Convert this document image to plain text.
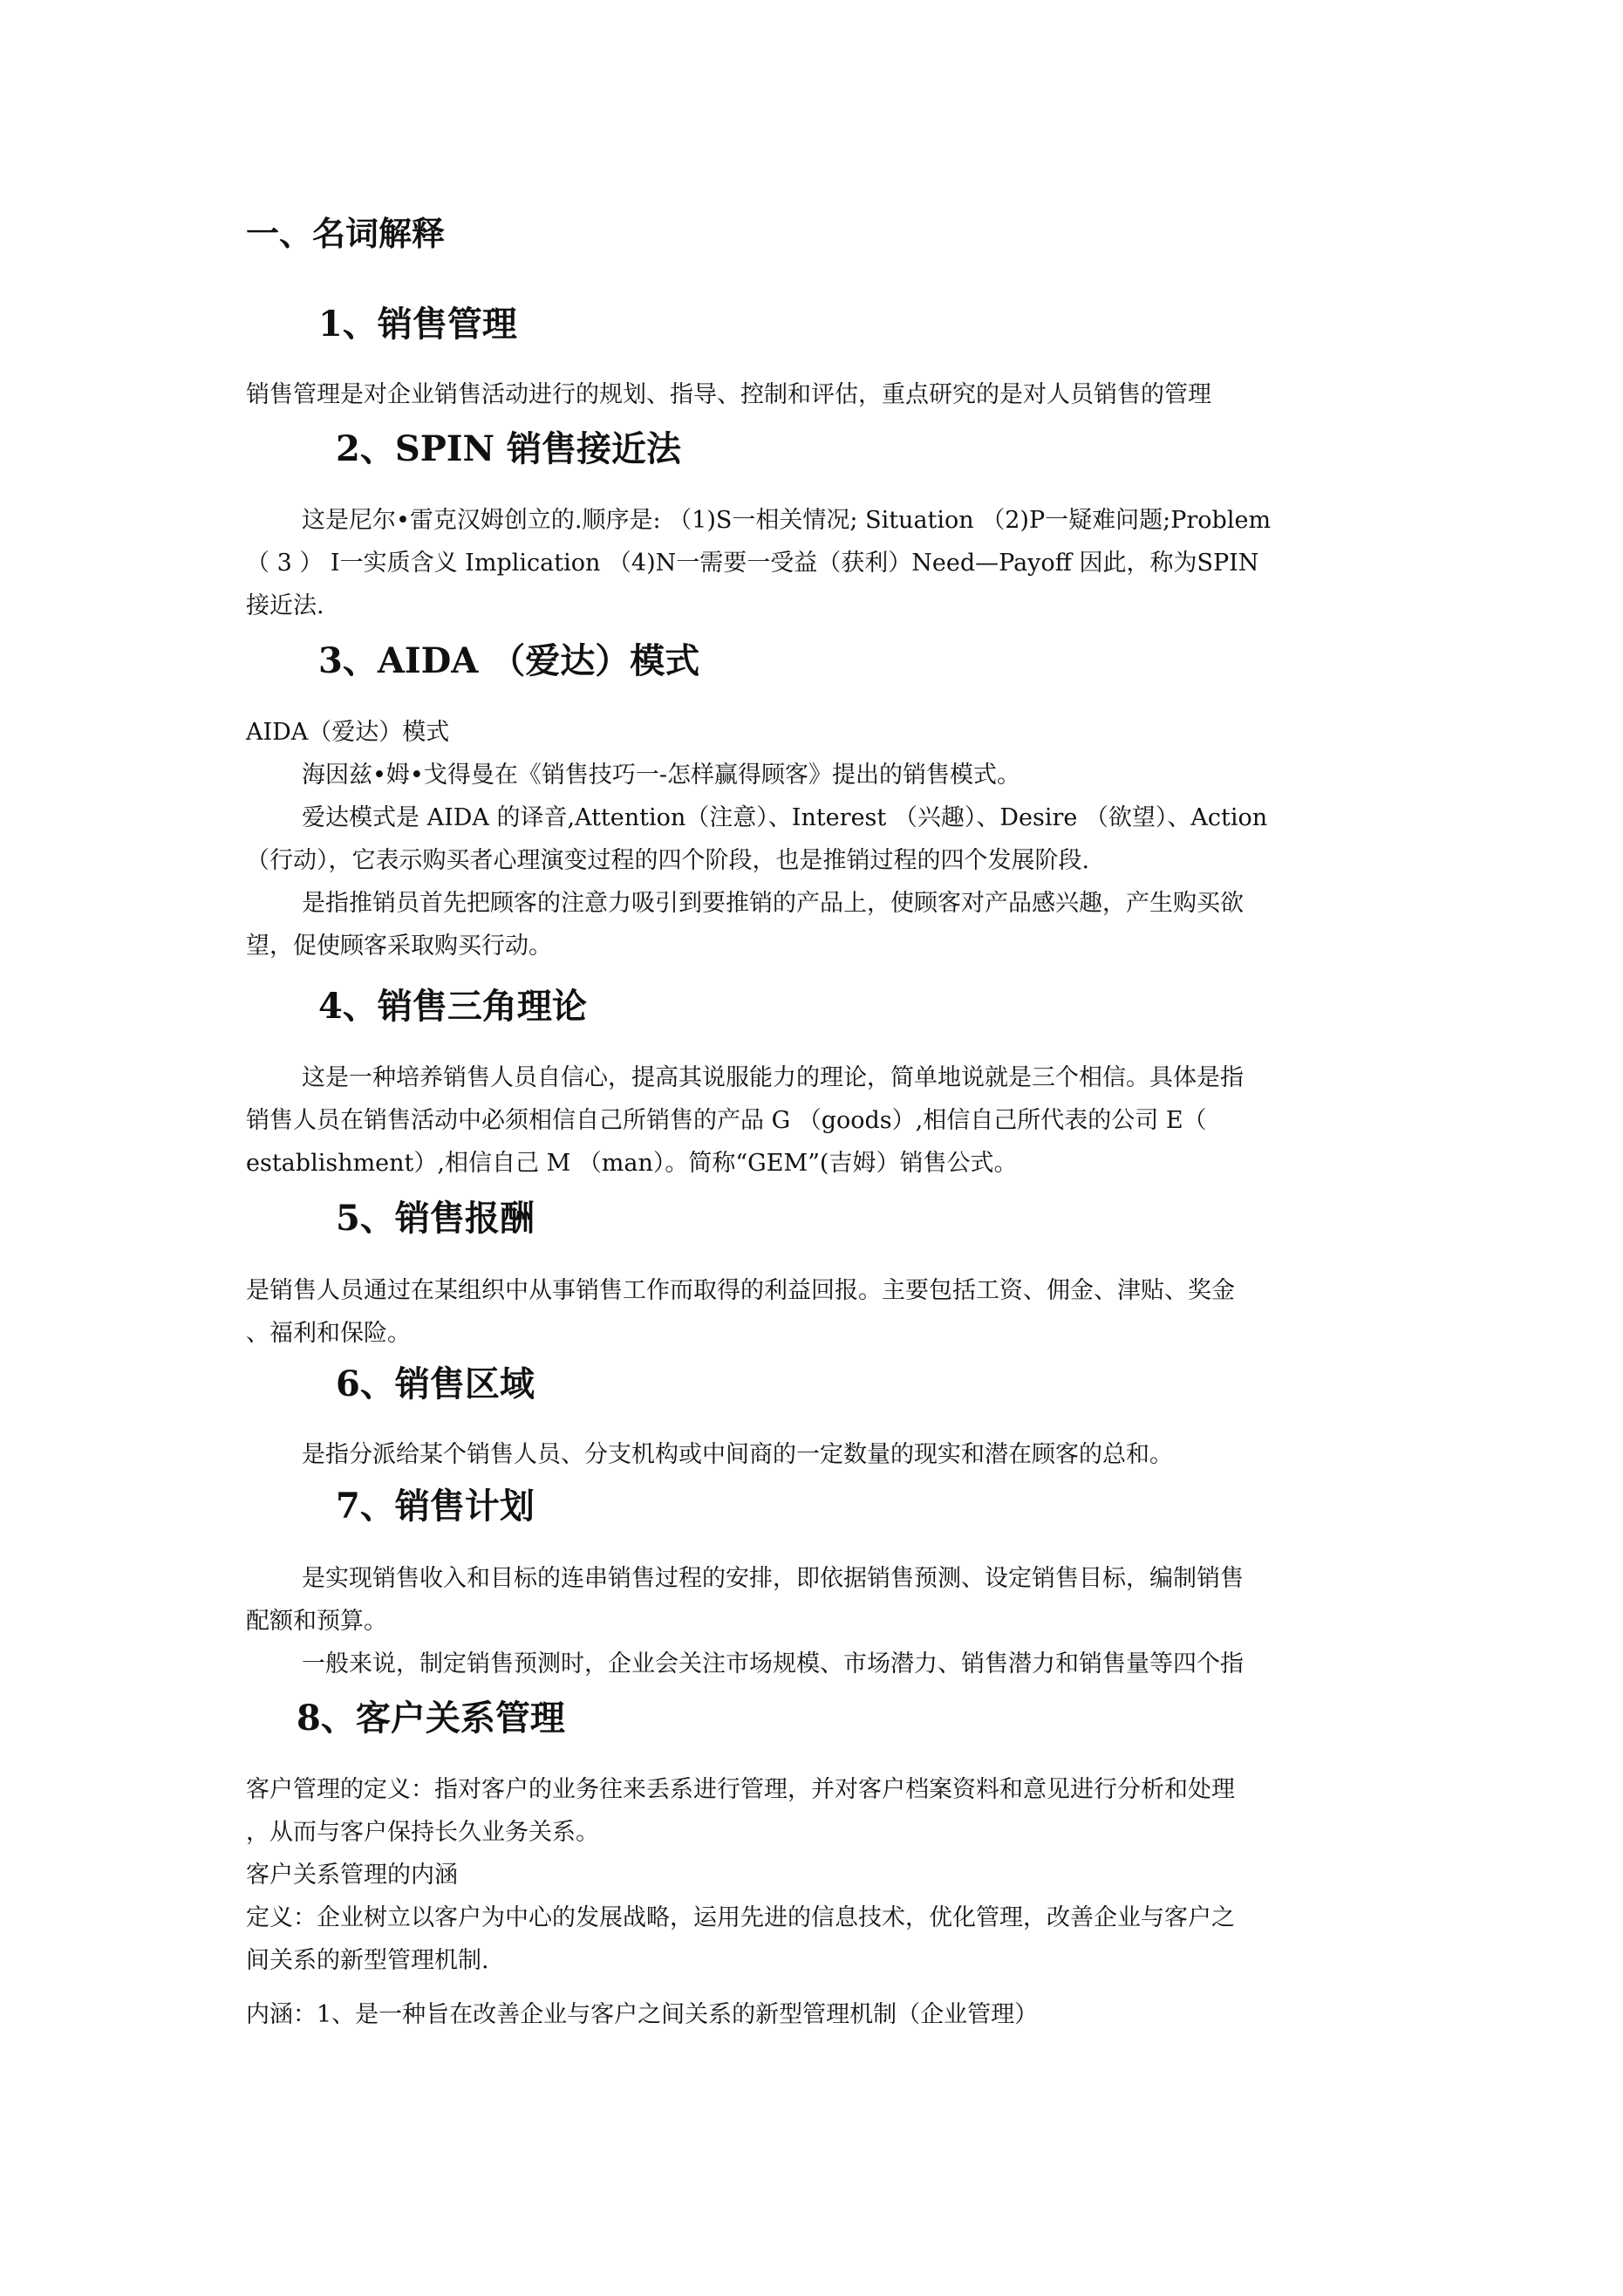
一、名词解释
1、销售管理

销售管理是对企业销售活动进行的规划、指导、控制和评估，重点研究的是对人员销售的管理

2、SPIN 销售接近法

这是尼尔•雷克汉姆创立的.顺序是: （1)S一相关情况; Situation （2)P一疑难问题;Problem
（ 3 ） I一实质含义 Implication （4)N一需要一受益（获利）Need—Payoff 因此，称为SPIN
接近法.

3、AIDA （爱达）模式

AIDA（爱达）模式
海因兹•姆•戈得曼在《销售技巧一-怎样赢得顾客》提出的销售模式。
爱达模式是 AIDA 的译音,Attention（注意）、Interest （兴趣）、Desire （欲望）、Action
（行动），它表示购买者心理演变过程的四个阶段，也是推销过程的四个发展阶段.
是指推销员首先把顾客的注意力吸引到要推销的产品上，使顾客对产品感兴趣，产生购买欲
望，促使顾客采取购买行动。

4、销售三角理论

这是一种培养销售人员自信心，提高其说服能力的理论，简单地说就是三个相信。具体是指
销售人员在销售活动中必须相信自己所销售的产品 G （goods）,相信自己所代表的公司 E（
establishment）,相信自己 M （man）。简称“GEM”(吉姆）销售公式。

5、销售报酬

是销售人员通过在某组织中从事销售工作而取得的利益回报。主要包括工资、佣金、津贴、奖金
、福利和保险。

6、销售区域

是指分派给某个销售人员、分支机构或中间商的一定数量的现实和潜在顾客的总和。

7、销售计划

是实现销售收入和目标的连串销售过程的安排，即依据销售预测、设定销售目标，编制销售
配额和预算。
一般来说，制定销售预测时，企业会关注市场规模、市场潜力、销售潜力和销售量等四个指

8、客户关系管理

客户管理的定义：指对客户的业务往来丢系进行管理，并对客户档案资料和意见进行分析和处理
，从而与客户保持长久业务关系。
客户关系管理的内涵
定义：企业树立以客户为中心的发展战略，运用先进的信息技术，优化管理，改善企业与客户之
间关系的新型管理机制.

内涵：1、是一种旨在改善企业与客户之间关系的新型管理机制（企业管理）
